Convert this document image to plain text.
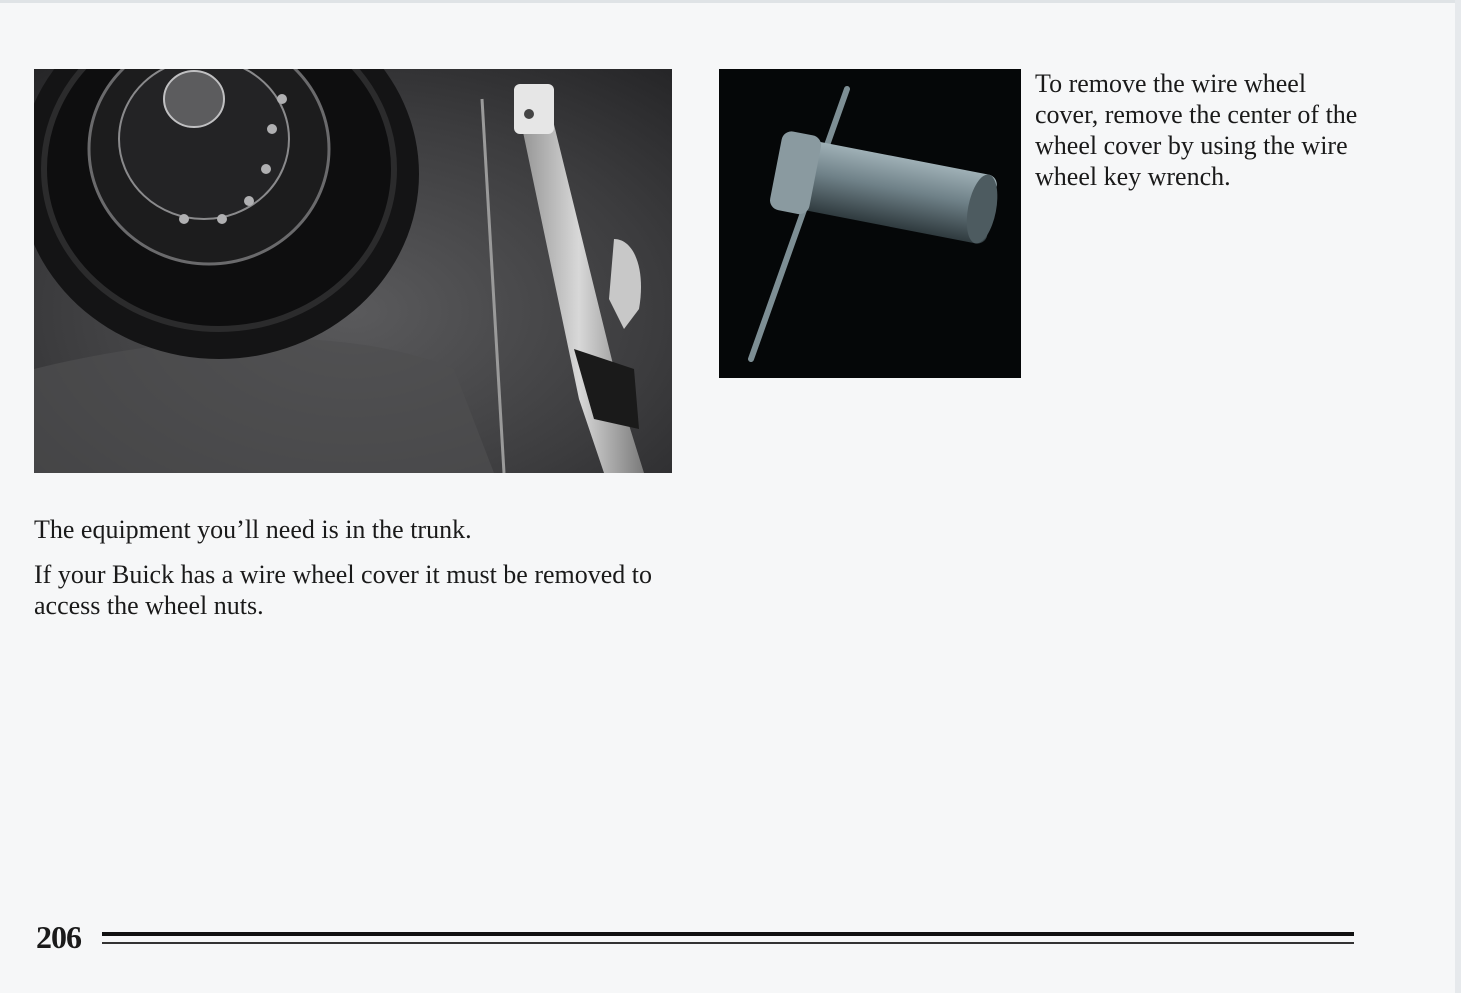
To remove the wire wheel cover, remove the center of the wheel cover by using the wire wheel key wrench.
The equipment you’ll need is in the trunk.
If your Buick has a wire wheel cover it must be removed to access the wheel nuts.
206
